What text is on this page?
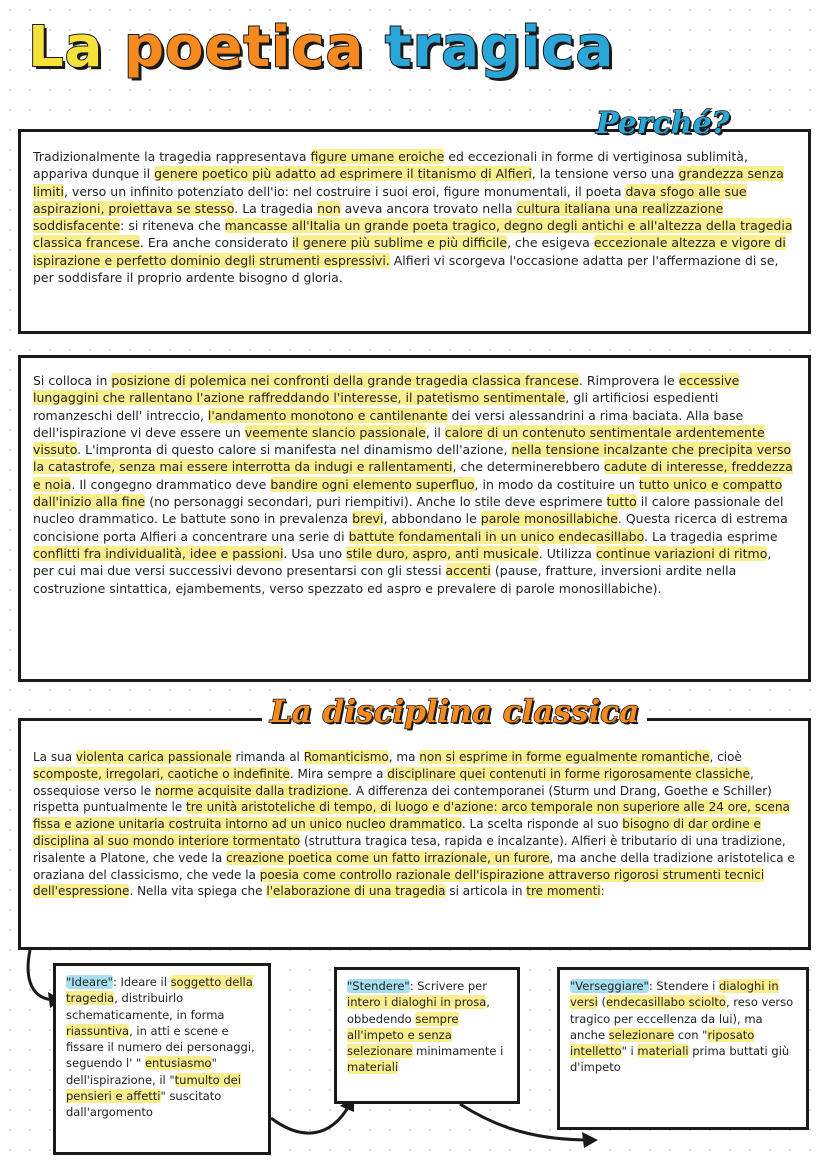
La poetica tragica

Tradizionalmente la tragedia rappresentava figure umane eroiche ed eccezionali in forme di vertiginosa sublimità, appariva dunque il genere poetico più adatto ad esprimere il titanismo di Alfieri, la tensione verso una grandezza senza limiti, verso un infinito potenziato dell'io: nel costruire i suoi eroi, figure monumentali, il poeta dava sfogo alle sue aspirazioni, proiettava se stesso. La tragedia non aveva ancora trovato nella cultura italiana una realizzazione soddisfacente: si riteneva che mancasse all'Italia un grande poeta tragico, degno degli antichi e all'altezza della tragedia classica francese. Era anche considerato il genere più sublime e più difficile, che esigeva eccezionale altezza e vigore di ispirazione e perfetto dominio degli strumenti espressivi. Alfieri vi scorgeva l'occasione adatta per l'affermazione di se, per soddisfare il proprio ardente bisogno d gloria.

Perché?

Si colloca in posizione di polemica nei confronti della grande tragedia classica francese. Rimprovera le eccessive lungaggini che rallentano l'azione raffreddando l'interesse, il patetismo sentimentale, gli artificiosi espedienti romanzeschi dell' intreccio, l'andamento monotono e cantilenante dei versi alessandrini a rima baciata. Alla base dell'ispirazione vi deve essere un veemente slancio passionale, il calore di un contenuto sentimentale ardentemente vissuto. L'impronta di questo calore si manifesta nel dinamismo dell'azione, nella tensione incalzante che precipita verso la catastrofe, senza mai essere interrotta da indugi e rallentamenti, che determinerebbero cadute di interesse, freddezza e noia. Il congegno drammatico deve bandire ogni elemento superfluo, in modo da costituire un tutto unico e compatto dall'inizio alla fine (no personaggi secondari, puri riempitivi). Anche lo stile deve esprimere tutto il calore passionale del nucleo drammatico. Le battute sono in prevalenza brevi, abbondano le parole monosillabiche. Questa ricerca di estrema concisione porta Alfieri a concentrare una serie di battute fondamentali in un unico endecasillabo. La tragedia esprime conflitti fra individualità, idee e passioni. Usa uno stile duro, aspro, anti musicale. Utilizza continue variazioni di ritmo, per cui mai due versi successivi devono presentarsi con gli stessi accenti (pause, fratture, inversioni ardite nella costruzione sintattica, ejambements, verso spezzato ed aspro e prevalere di parole monosillabiche).

La sua violenta carica passionale rimanda al Romanticismo, ma non si esprime in forme egualmente romantiche, cioè scomposte, irregolari, caotiche o indefinite. Mira sempre a disciplinare quei contenuti in forme rigorosamente classiche, ossequiose verso le norme acquisite dalla tradizione. A differenza dei contemporanei (Sturm und Drang, Goethe e Schiller) rispetta puntualmente le tre unità aristoteliche di tempo, di luogo e d'azione: arco temporale non superiore alle 24 ore, scena fissa e azione unitaria costruita intorno ad un unico nucleo drammatico. La scelta risponde al suo bisogno di dar ordine e disciplina al suo mondo interiore tormentato (struttura tragica tesa, rapida e incalzante). Alfieri è tributario di una tradizione, risalente a Platone, che vede la creazione poetica come un fatto irrazionale, un furore, ma anche della tradizione aristotelica e oraziana del classicismo, che vede la poesia come controllo razionale dell'ispirazione attraverso rigorosi strumenti tecnici dell'espressione. Nella vita spiega che l'elaborazione di una tragedia si articola in tre momenti:

La disciplina classica

"Ideare": Ideare il soggetto della tragedia, distribuirlo schematicamente, in forma riassuntiva, in atti e scene e fissare il numero dei personaggi, seguendo l' " entusiasmo" dell'ispirazione, il "tumulto dei pensieri e affetti" suscitato dall'argomento

"Stendere": Scrivere per intero i dialoghi in prosa, obbedendo sempre all'impeto e senza selezionare minimamente i materiali

"Verseggiare": Stendere i dialoghi in versi (endecasillabo sciolto, reso verso tragico per eccellenza da lui), ma anche selezionare con "riposato intelletto" i materiali prima buttati giù d'impeto
